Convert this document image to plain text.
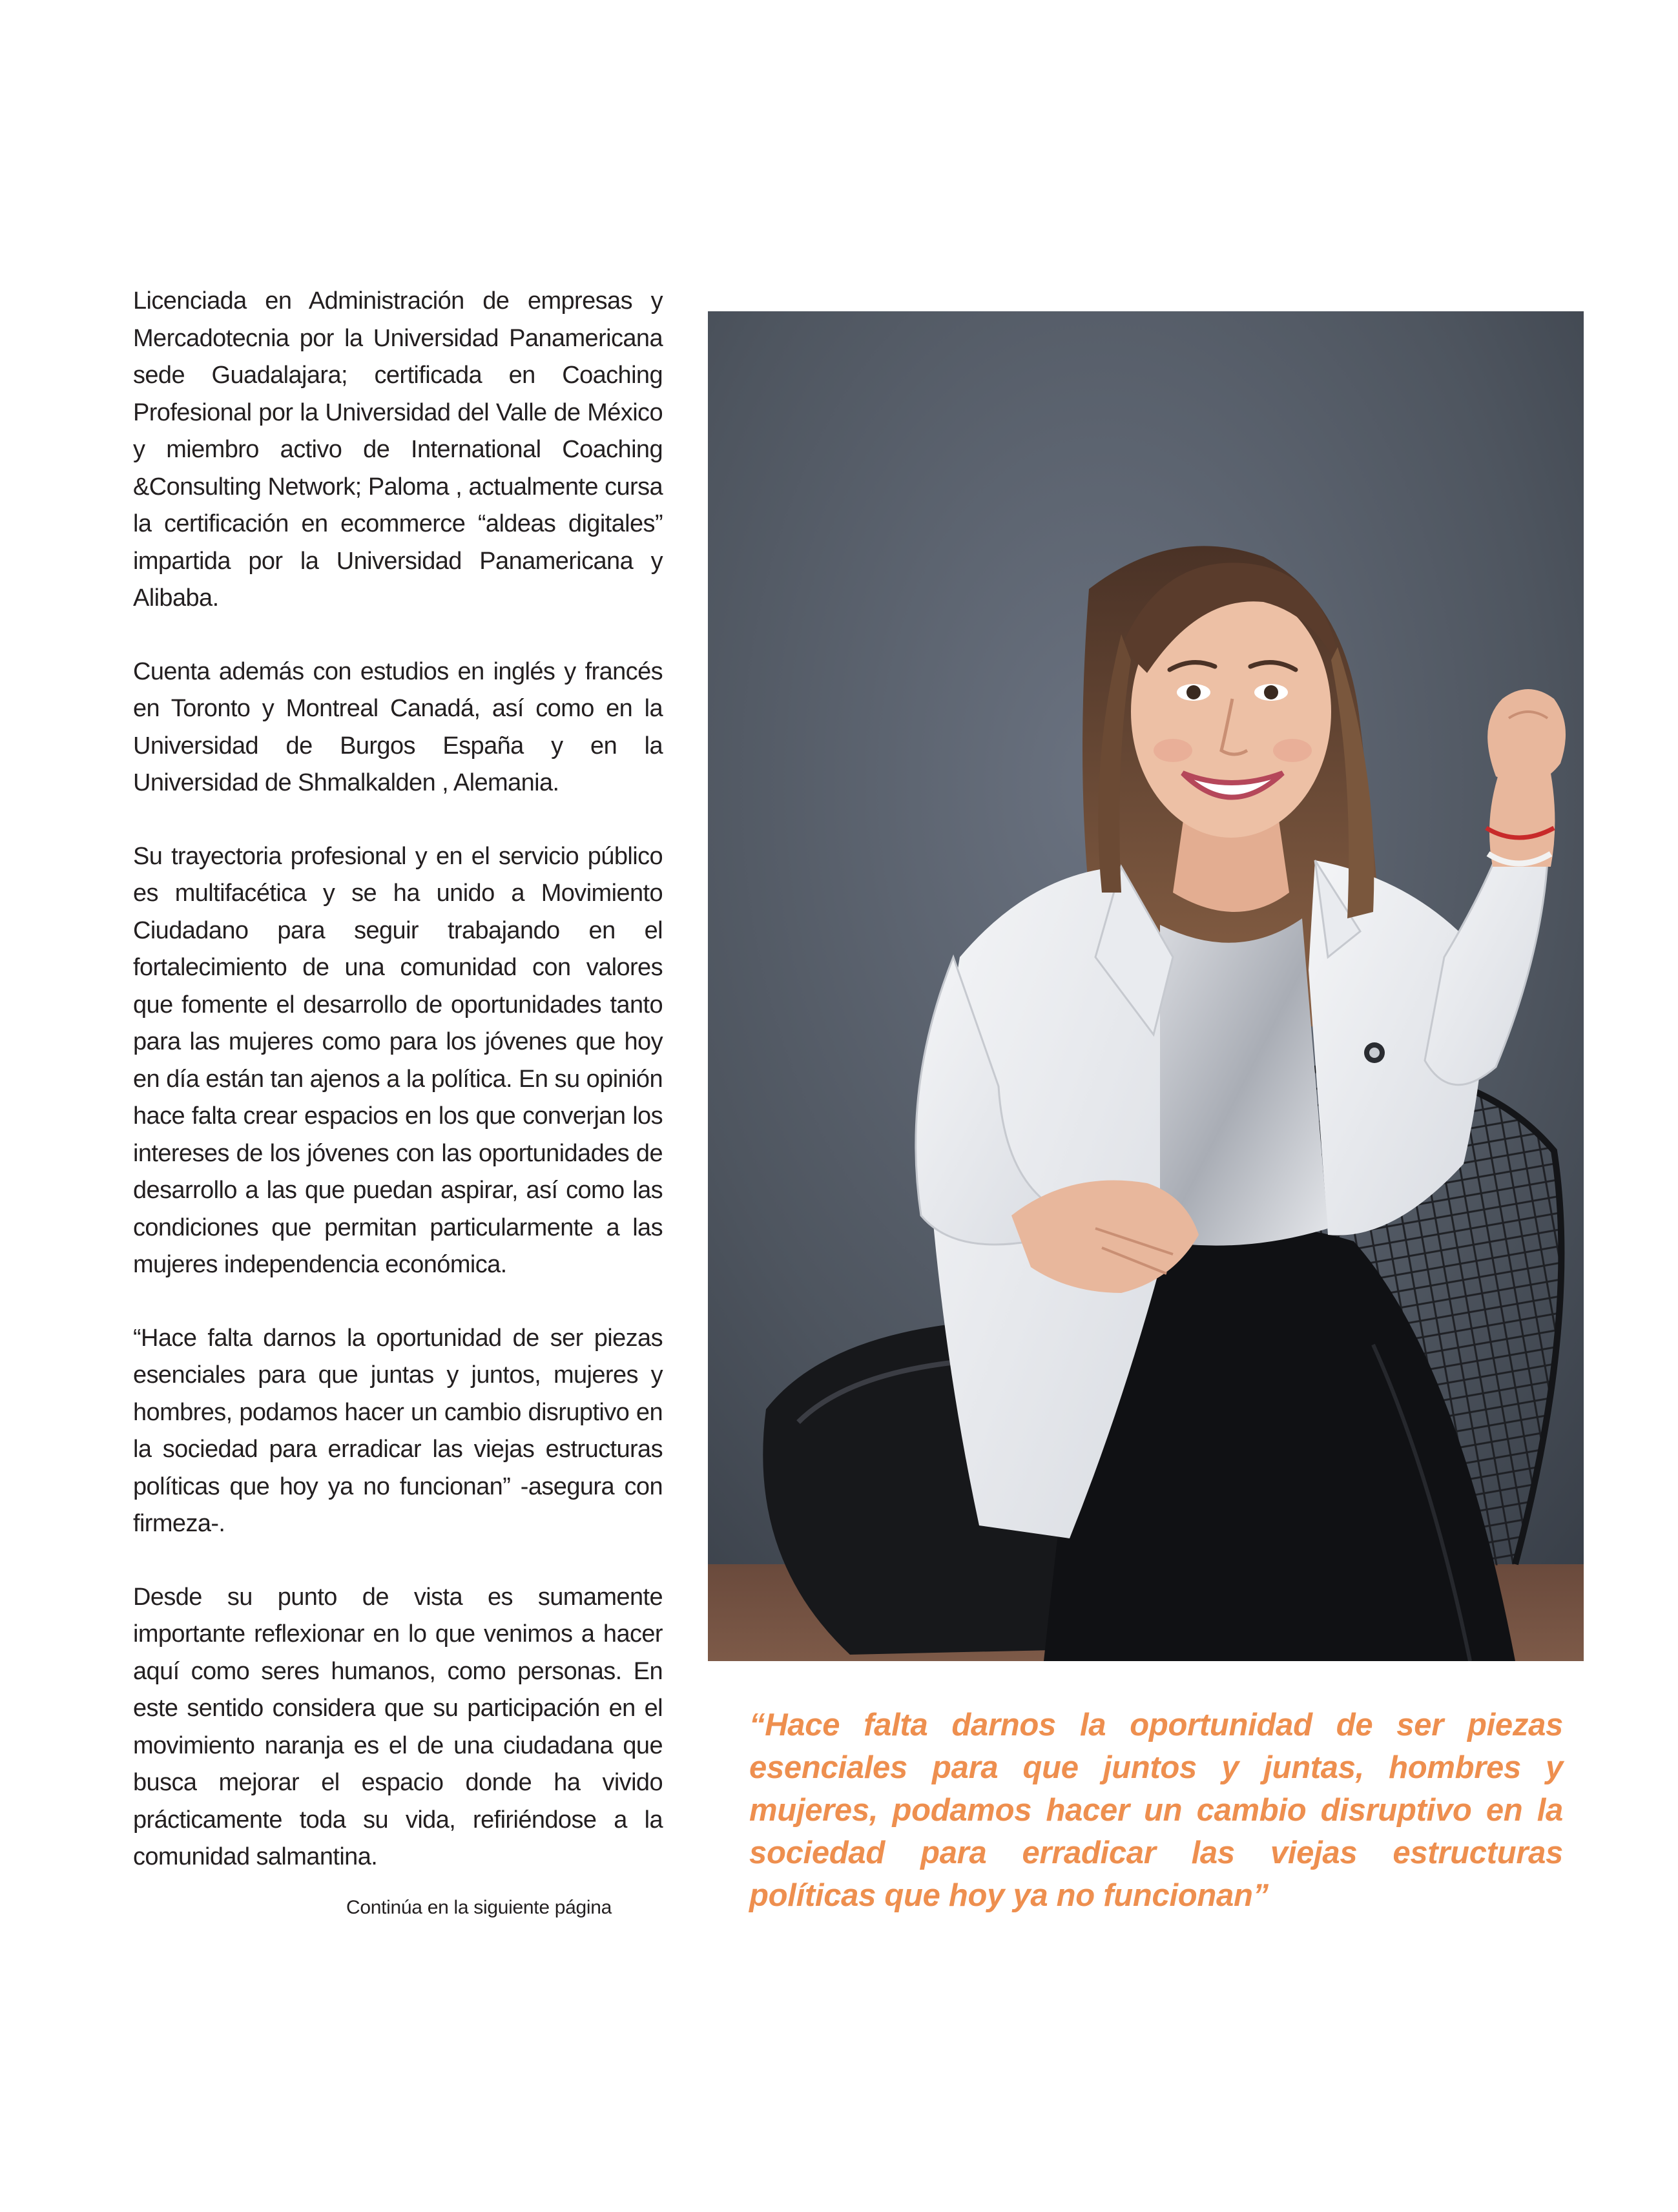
Licenciada en Administración de empresas y Mercadotecnia por la Universidad Panamericana sede Guadalajara; certificada en Coaching Profesional por la Universidad del Valle de México y miembro activo de International Coaching &Consulting Network; Paloma , actualmente cursa la certificación en ecommerce “aldeas digitales” impartida por la Universidad Panamericana y Alibaba.

Cuenta además con estudios en inglés y francés en Toronto y Montreal Canadá, así como en la Universidad de Burgos España y en la Universidad de Shmalkalden , Alemania.

Su trayectoria profesional y en el servicio público es multifacética y se ha unido a Movimiento Ciudadano para seguir trabajando en el fortalecimiento de una comunidad con valores que fomente el desarrollo de oportunidades tanto para las mujeres como para los jóvenes que hoy en día están tan ajenos a la política. En su opinión hace falta crear espacios en los que converjan los intereses de los jóvenes con las oportunidades de desarrollo a las que puedan aspirar, así como las condiciones que permitan particularmente a las mujeres independencia económica.

“Hace falta darnos la oportunidad de ser piezas esenciales para que juntas y juntos, mujeres y hombres, podamos hacer un cambio disruptivo en la sociedad para erradicar las viejas estructuras políticas que hoy ya no funcionan” -asegura con firmeza-.

Desde su punto de vista es sumamente importante reflexionar en lo que venimos a hacer aquí como seres humanos, como personas. En este sentido considera que su participación en el movimiento naranja es el de una ciudadana que busca mejorar el espacio donde ha vivido prácticamente toda su vida, refiriéndose a la comunidad salmantina.

Continúa en la siguiente página

“Hace falta darnos la oportunidad de ser piezas esenciales para que juntos y juntas, hombres y mujeres, podamos hacer un cambio disruptivo en la sociedad para erradicar las viejas estructuras políticas que hoy ya no funcionan”
